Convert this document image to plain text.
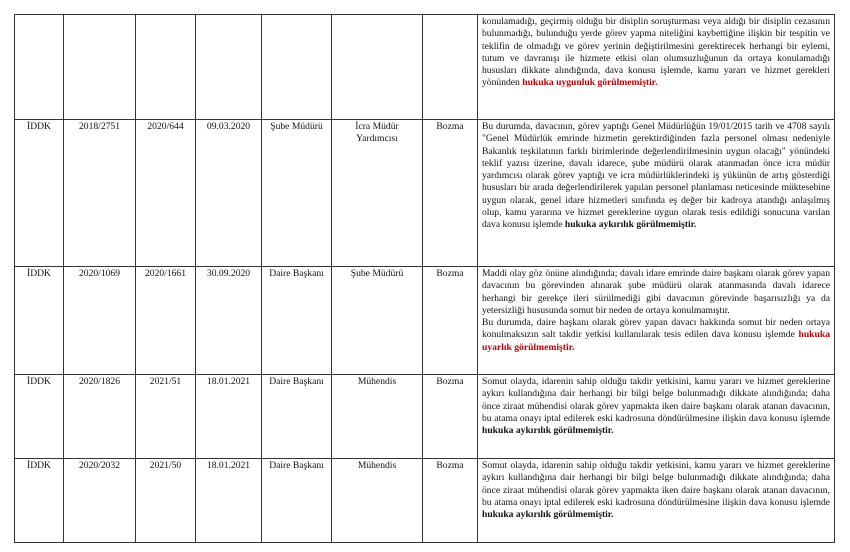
							konulamadığı, geçirmiş olduğu bir disiplin soruşturması veya aldığı bir disiplin cezasının bulunmadığı, bulunduğu yerde görev yapma niteliğini kaybettiğine ilişkin bir tespitin ve teklifin de olmadığı ve görev yerinin değiştirilmesini gerektirecek herhangi bir eylemi, tutum ve davranışı ile hizmete etkisi olan olumsuzluğunun da ortaya konulamadığı hususları dikkate alındığında, dava konusu işlemde, kamu yararı ve hizmet gerekleri yönünden hukuka uygunluk görülmemiştir.

İDDK	2018/2751	2020/644	09.03.2020	Şube Müdürü	İcra Müdür Yardımcısı	Bozma	Bu durumda, davacının, görev yaptığı Genel Müdürlüğün 19/01/2015 tarih ve 4708 sayılı "Genel Müdürlük emrinde hizmetin gerektirdiğinden fazla personel olması nedeniyle Bakanlık teşkilatının farklı birimlerinde değerlendirilmesinin uygun olacağı" yönündeki teklif yazısı üzerine, davalı idarece, şube müdürü olarak atanmadan önce icra müdür yardımcısı olarak görev yaptığı ve icra müdürlüklerindeki iş yükünün de artış gösterdiği hususları bir arada değerlendirilerek yapılan personel planlaması neticesinde müktesebine uygun olarak, genel idare hizmetleri sınıfında eş değer bir kadroya atandığı anlaşılmış olup, kamu yararına ve hizmet gereklerine uygun olarak tesis edildiği sonucuna varılan dava konusu işlemde hukuka aykırılık görülmemiştir.

İDDK	2020/1069	2020/1661	30.09.2020	Daire Başkanı	Şube Müdürü	Bozma	Maddi olay göz önüne alındığında; davalı idare emrinde daire başkanı olarak görev yapan davacının bu görevinden alınarak şube müdürü olarak atanmasında davalı idarece herhangi bir gerekçe ileri sürülmediği gibi davacının görevinde başarısızlığı ya da yetersizliği hususunda somut bir neden de ortaya konulmamıştır.

Bu durumda, daire başkanı olarak görev yapan davacı hakkında somut bir neden ortaya konulmaksızın salt takdir yetkisi kullanılarak tesis edilen dava konusu işlemde hukuka uyarlık görülmemiştir.

İDDK	2020/1826	2021/51	18.01.2021	Daire Başkanı	Mühendis	Bozma	Somut olayda, idarenin sahip olduğu takdir yetkisini, kamu yararı ve hizmet gereklerine aykırı kullandığına dair herhangi bir bilgi belge bulunmadığı dikkate alındığında; daha önce ziraat mühendisi olarak görev yapmakta iken daire başkanı olarak atanan davacının, bu atama onayı iptal edilerek eski kadrosuna döndürülmesine ilişkin dava konusu işlemde hukuka aykırılık görülmemiştir.

İDDK	2020/2032	2021/50	18.01.2021	Daire Başkanı	Mühendis	Bozma	Somut olayda, idarenin sahip olduğu takdir yetkisini, kamu yararı ve hizmet gereklerine aykırı kullandığına dair herhangi bir bilgi belge bulunmadığı dikkate alındığında; daha önce ziraat mühendisi olarak görev yapmakta iken daire başkanı olarak atanan davacının, bu atama onayı iptal edilerek eski kadrosuna döndürülmesine ilişkin dava konusu işlemde hukuka aykırılık görülmemiştir.
